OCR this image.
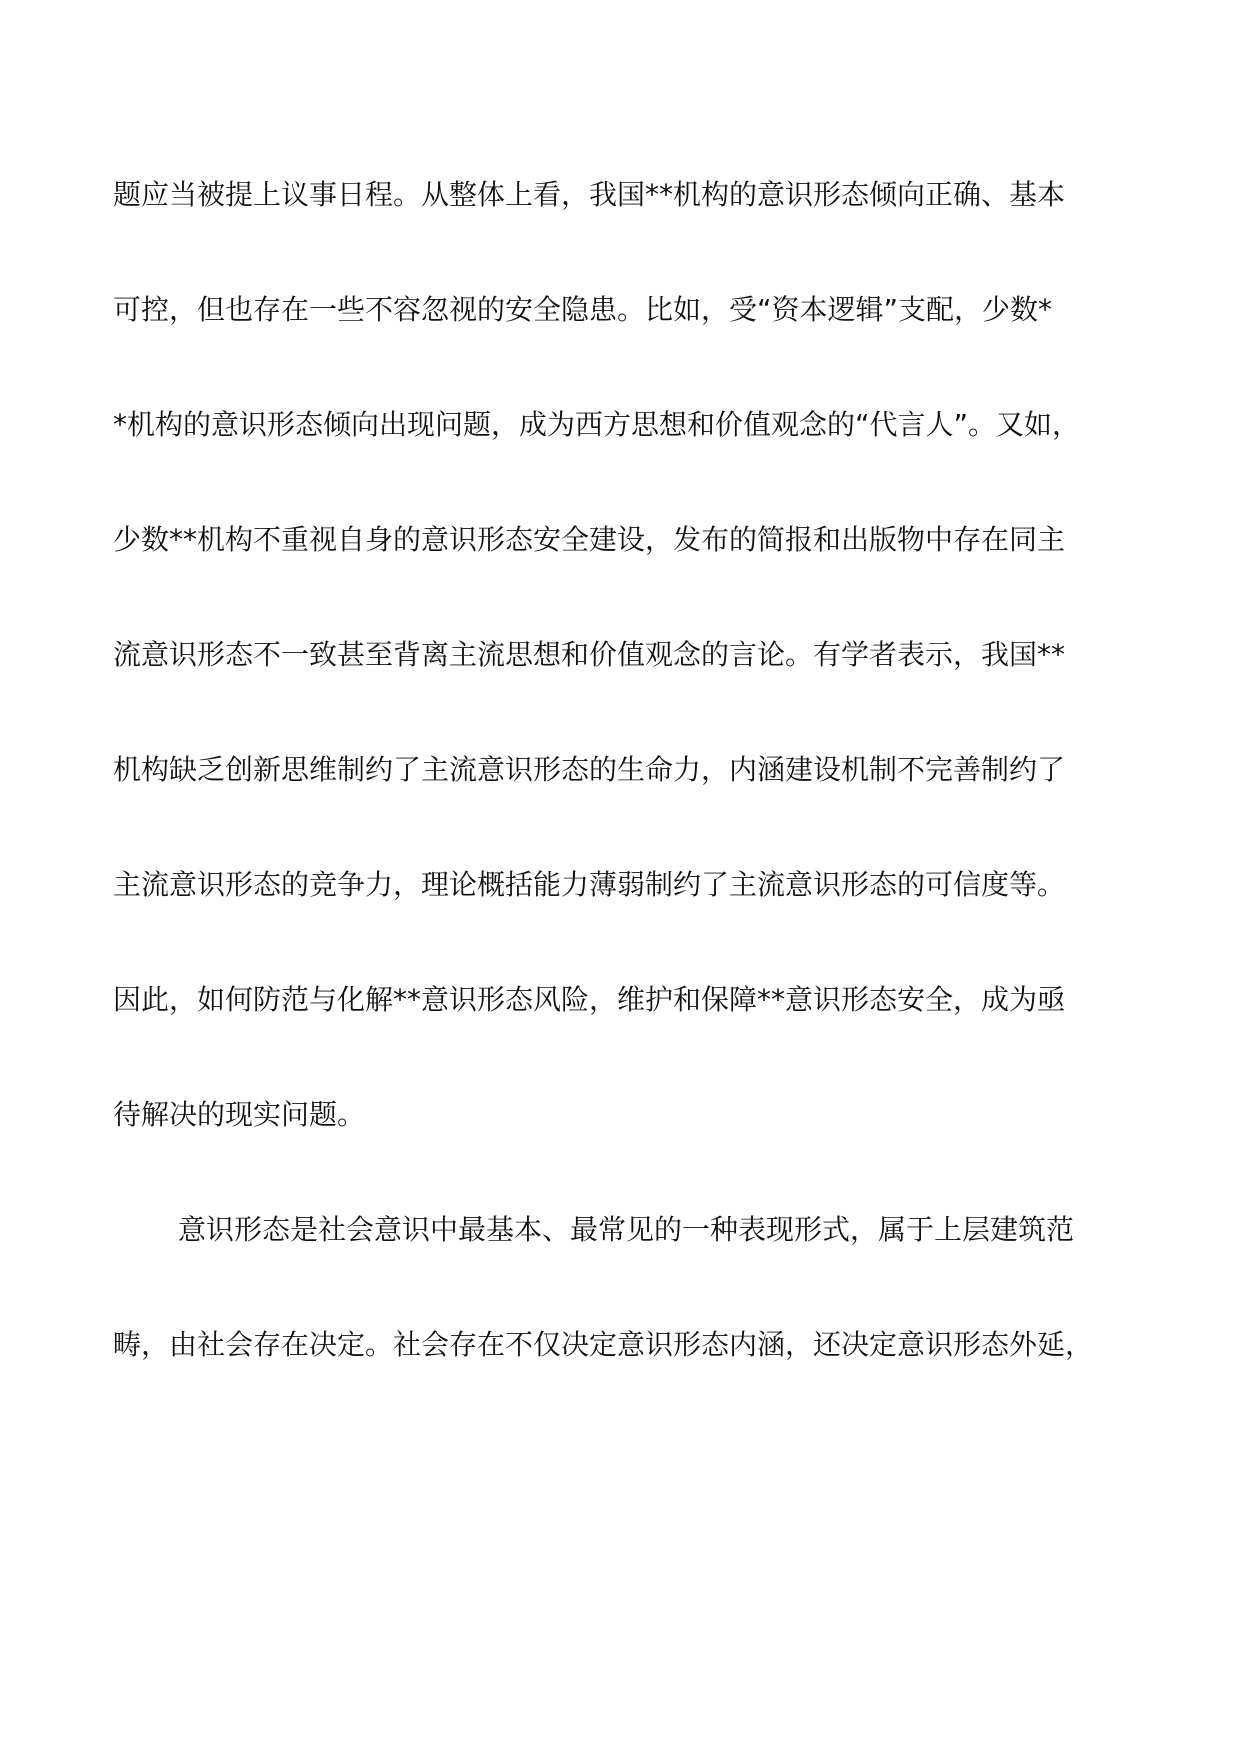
题应当被提上议事日程。从整体上看，我国**机构的意识形态倾向正确、基本
可控，但也存在一些不容忽视的安全隐患。比如，受“资本逻辑”支配，少数*
*机构的意识形态倾向出现问题，成为西方思想和价值观念的“代言人”。又如，
少数**机构不重视自身的意识形态安全建设，发布的简报和出版物中存在同主
流意识形态不一致甚至背离主流思想和价值观念的言论。有学者表示，我国**
机构缺乏创新思维制约了主流意识形态的生命力，内涵建设机制不完善制约了
主流意识形态的竞争力，理论概括能力薄弱制约了主流意识形态的可信度等。
因此，如何防范与化解**意识形态风险，维护和保障**意识形态安全，成为亟
待解决的现实问题。
意识形态是社会意识中最基本、最常见的一种表现形式，属于上层建筑范
畴，由社会存在决定。社会存在不仅决定意识形态内涵，还决定意识形态外延，
